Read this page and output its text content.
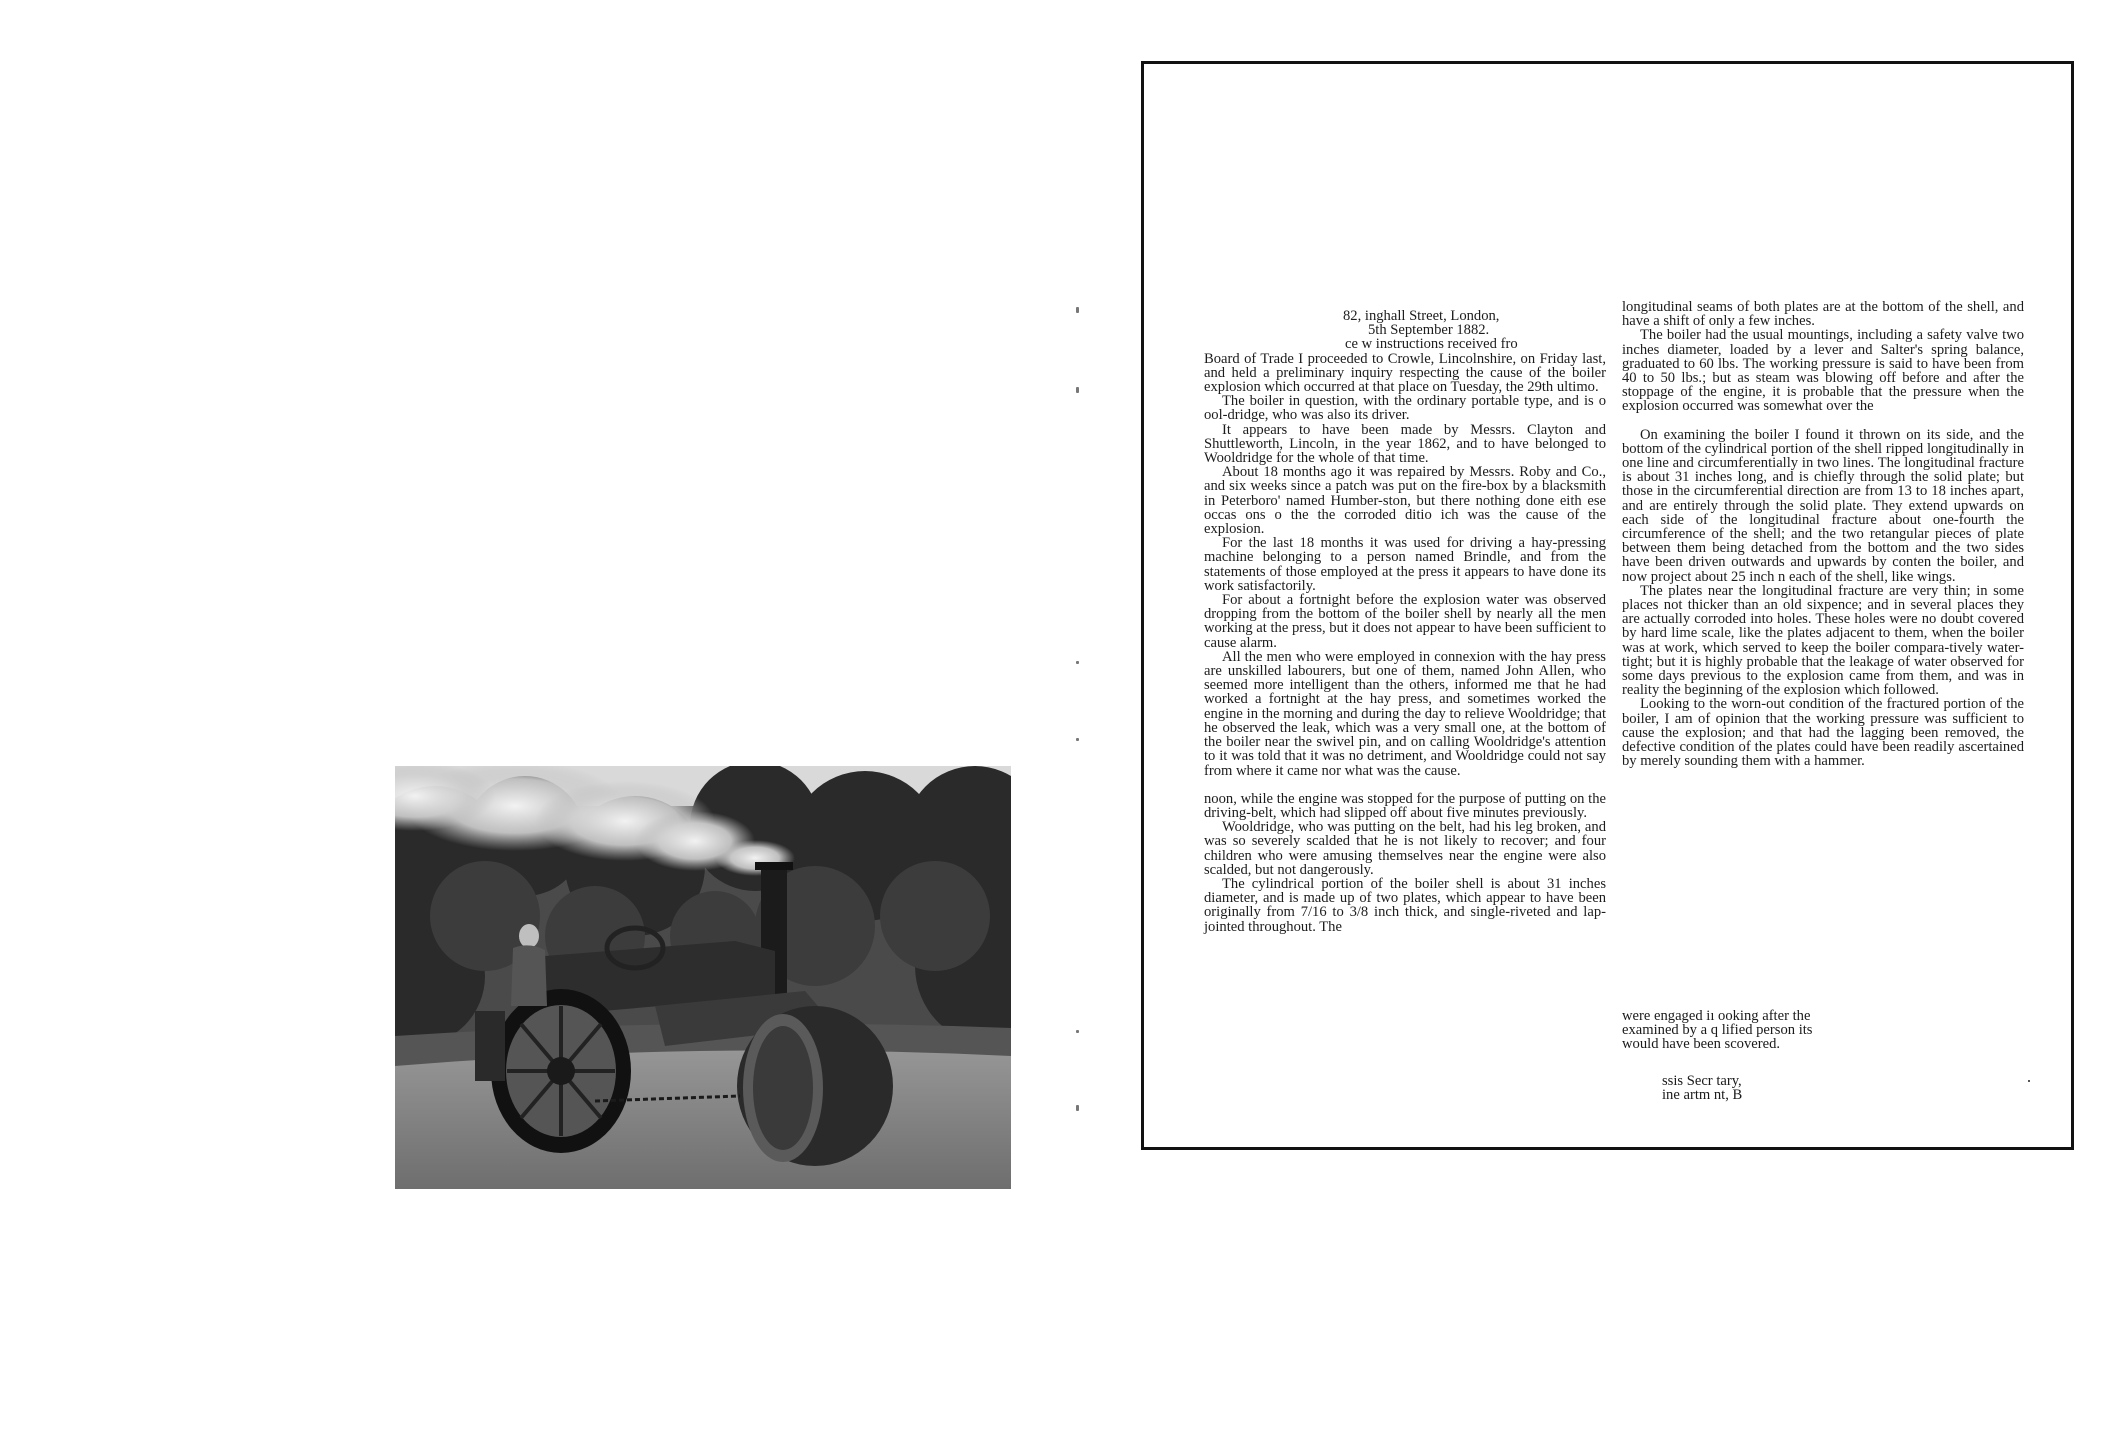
82, inghall Street, London,

5th September 1882.

ce w instructions received fro

Board of Trade I proceeded to Crowle, Lincolnshire, on Friday last, and held a preliminary inquiry respecting the cause of the boiler explosion which occurred at that place on Tuesday, the 29th ultimo.

The boiler in question, with the ordinary portable type, and is o ool-dridge, who was also its driver.

It appears to have been made by Messrs. Clayton and Shuttleworth, Lincoln, in the year 1862, and to have belonged to Wooldridge for the whole of that time.

About 18 months ago it was repaired by Messrs. Roby and Co., and six weeks since a patch was put on the fire-box by a blacksmith in Peterboro' named Humber-ston, but there nothing done eith ese occas ons o the the corroded ditio ich was the cause of the explosion.

For the last 18 months it was used for driving a hay-pressing machine belonging to a person named Brindle, and from the statements of those employed at the press it appears to have done its work satisfactorily.

For about a fortnight before the explosion water was observed dropping from the bottom of the boiler shell by nearly all the men working at the press, but it does not appear to have been sufficient to cause alarm.

All the men who were employed in connexion with the hay press are unskilled labourers, but one of them, named John Allen, who seemed more intelligent than the others, informed me that he had worked a fortnight at the hay press, and sometimes worked the engine in the morning and during the day to relieve Wooldridge; that he observed the leak, which was a very small one, at the bottom of the boiler near the swivel pin, and on calling Wooldridge's attention to it was told that it was no detriment, and Wooldridge could not say from where it came nor what was the cause.

noon, while the engine was stopped for the purpose of putting on the driving-belt, which had slipped off about five minutes previously.

Wooldridge, who was putting on the belt, had his leg broken, and was so severely scalded that he is not likely to recover; and four children who were amusing themselves near the engine were also scalded, but not dangerously.

The cylindrical portion of the boiler shell is about 31 inches diameter, and is made up of two plates, which appear to have been originally from 7/16 to 3/8 inch thick, and single-riveted and lap-jointed throughout. The

longitudinal seams of both plates are at the bottom of the shell, and have a shift of only a few inches.

The boiler had the usual mountings, including a safety valve two inches diameter, loaded by a lever and Salter's spring balance, graduated to 60 lbs. The working pressure is said to have been from 40 to 50 lbs.; but as steam was blowing off before and after the stoppage of the engine, it is probable that the pressure when the explosion occurred was somewhat over the

On examining the boiler I found it thrown on its side, and the bottom of the cylindrical portion of the shell ripped longitudinally in one line and circumferentially in two lines. The longitudinal fracture is about 31 inches long, and is chiefly through the solid plate; but those in the circumferential direction are from 13 to 18 inches apart, and are entirely through the solid plate. They extend upwards on each side of the longitudinal fracture about one-fourth the circumference of the shell; and the two retangular pieces of plate between them being detached from the bottom and the two sides have been driven outwards and upwards by conten the boiler, and now project about 25 inch n each of the shell, like wings.

The plates near the longitudinal fracture are very thin; in some places not thicker than an old sixpence; and in several places they are actually corroded into holes. These holes were no doubt covered by hard lime scale, like the plates adjacent to them, when the boiler was at work, which served to keep the boiler compara-tively water-tight; but it is highly probable that the leakage of water observed for some days previous to the explosion came from them, and was in reality the beginning of the explosion which followed.

Looking to the worn-out condition of the fractured portion of the boiler, I am of opinion that the working pressure was sufficient to cause the explosion; and that had the lagging been removed, the defective condition of the plates could have been readily ascertained by merely sounding them with a hammer.

were engaged iı ooking after the

examined by a q lified person its

would have been scovered.

ssis Secr tary,

ine artm nt, B
